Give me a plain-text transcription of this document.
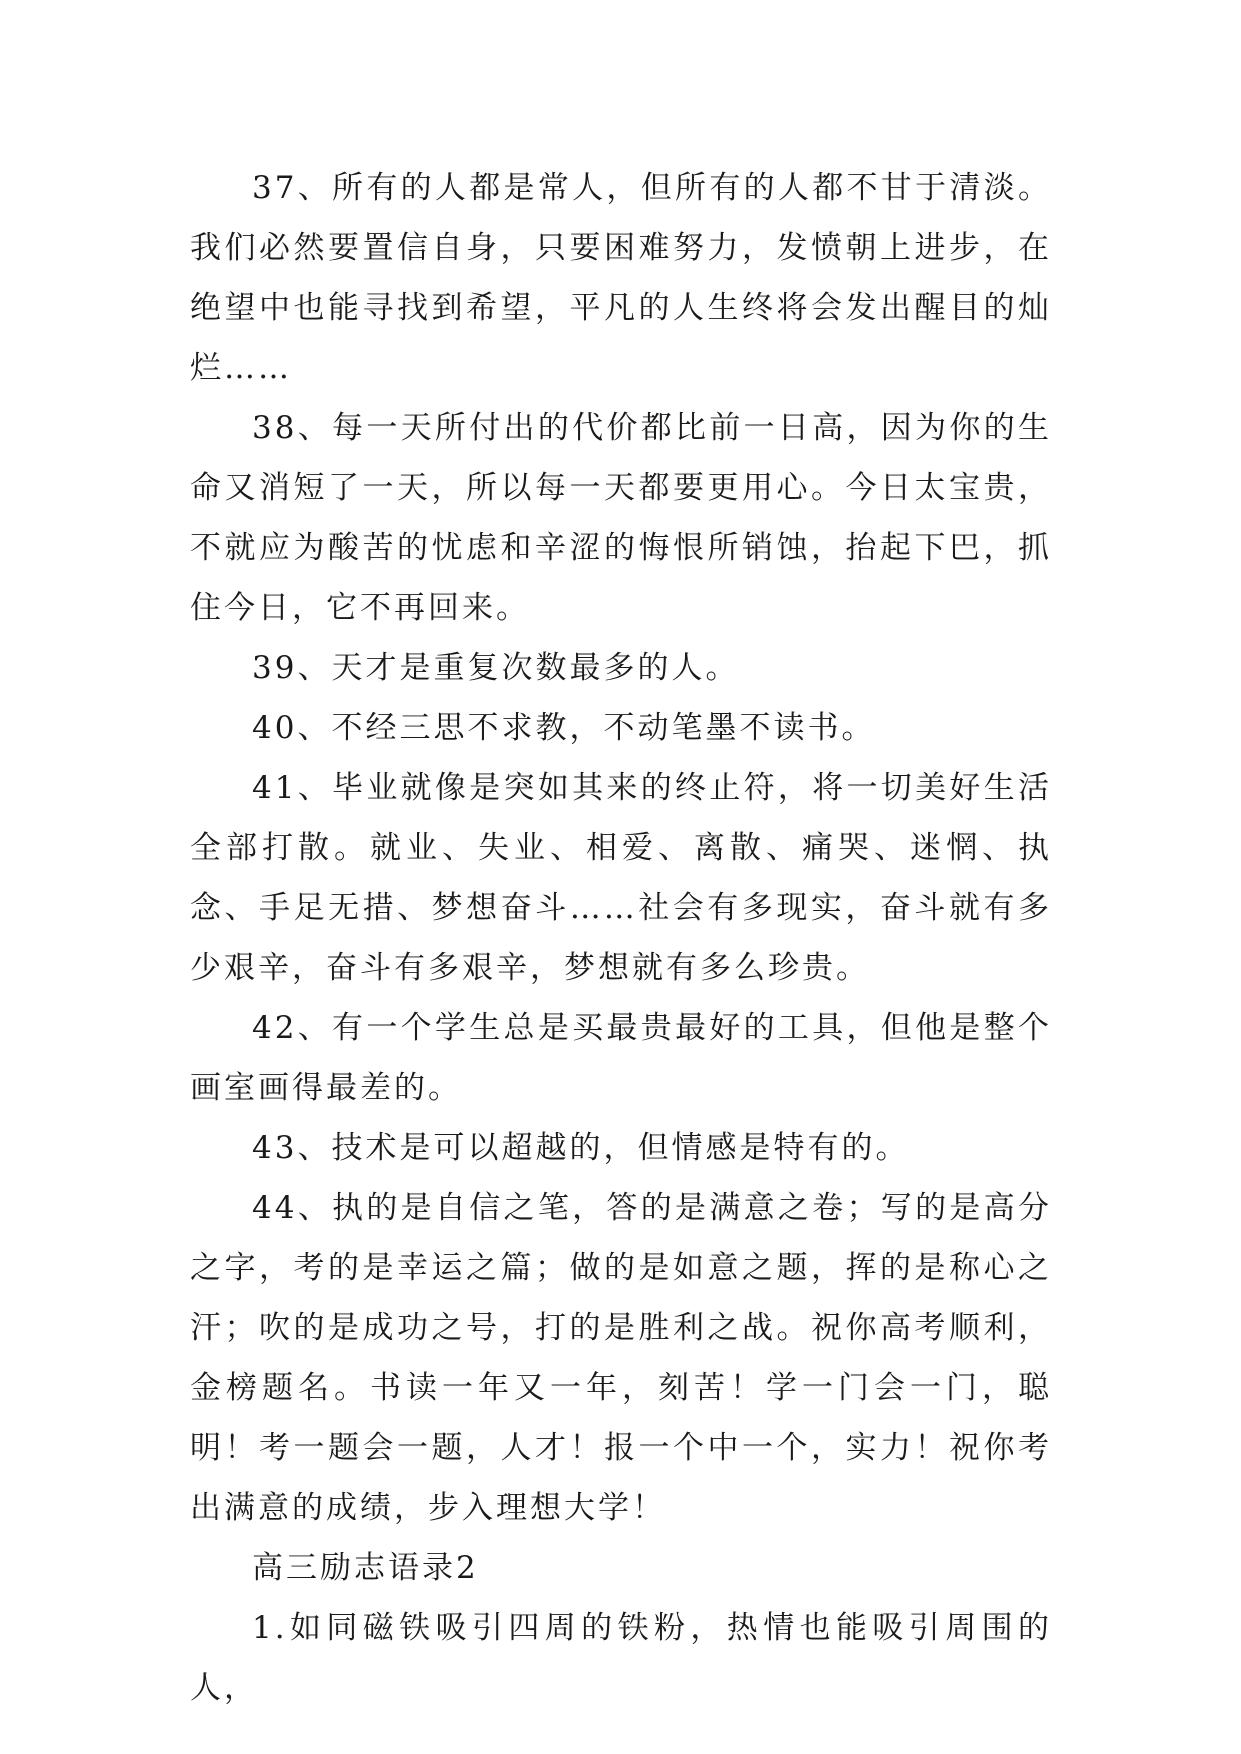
37、所有的人都是常人，但所有的人都不甘于清淡。我们必然要置信自身，只要困难努力，发愤朝上进步，在绝望中也能寻找到希望，平凡的人生终将会发出醒目的灿烂……

38、每一天所付出的代价都比前一日高，因为你的生命又消短了一天，所以每一天都要更用心。今日太宝贵，不就应为酸苦的忧虑和辛涩的悔恨所销蚀，抬起下巴，抓住今日，它不再回来。

39、天才是重复次数最多的人。

40、不经三思不求教，不动笔墨不读书。

41、毕业就像是突如其来的终止符，将一切美好生活全部打散。就业、失业、相爱、离散、痛哭、迷惘、执念、手足无措、梦想奋斗……社会有多现实，奋斗就有多少艰辛，奋斗有多艰辛，梦想就有多么珍贵。

42、有一个学生总是买最贵最好的工具，但他是整个画室画得最差的。

43、技术是可以超越的，但情感是特有的。

44、执的是自信之笔，答的是满意之卷；写的是高分之字，考的是幸运之篇；做的是如意之题，挥的是称心之汗；吹的是成功之号，打的是胜利之战。祝你高考顺利，金榜题名。书读一年又一年，刻苦！学一门会一门，聪明！考一题会一题，人才！报一个中一个，实力！祝你考出满意的成绩，步入理想大学！

高三励志语录2

1.如同磁铁吸引四周的铁粉，热情也能吸引周围的人，
